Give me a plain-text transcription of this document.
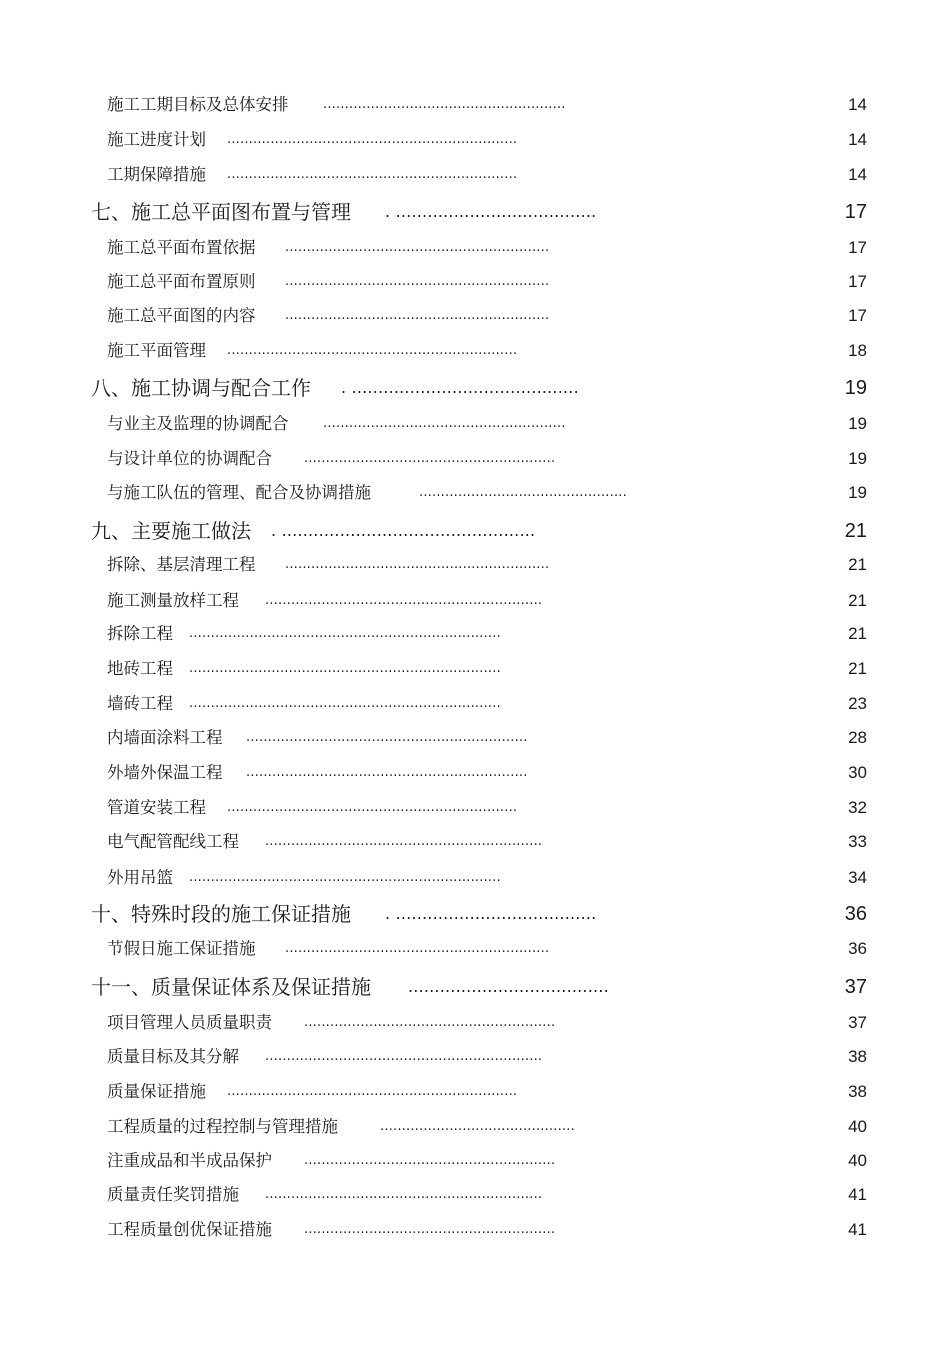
施工工期目标及总体安排	........................................................	14
施工进度计划 ...................................................................	14
工期保障措施 ...................................................................	14
七、施工总平面图布置与管理 . ......................................	17
施工总平面布置依据 .............................................................	17
施工总平面布置原则 .............................................................	17
施工总平面图的内容 .............................................................	17
施工平面管理 ...................................................................	18
八、施工协调与配合工作 . ...........................................	19
与业主及监理的协调配合	........................................................	19
与设计单位的协调配合 ..........................................................	19
与施工队伍的管理、配合及协调措施	................................................	19
九、主要施工做法 . ................................................	21
拆除、基层清理工程 .............................................................	21
施工测量放样工程 ................................................................	21
拆除工程 ........................................................................	21
地砖工程 ........................................................................	21
墙砖工程 ........................................................................	23
内墙面涂料工程 .................................................................	28
外墙外保温工程 .................................................................	30
管道安装工程 ...................................................................	32
电气配管配线工程 ................................................................	33
外用吊篮 ........................................................................	34
十、特殊时段的施工保证措施 . ......................................	36
节假日施工保证措施 .............................................................	36
十一、质量保证体系及保证措施 ......................................	37
项目管理人员质量职责 ..........................................................	37
质量目标及其分解 ................................................................	38
质量保证措施 ...................................................................	38
工程质量的过程控制与管理措施	.............................................	40
注重成品和半成品保护 ..........................................................	40
质量责任奖罚措施 ................................................................	41
工程质量创优保证措施 ..........................................................	41
